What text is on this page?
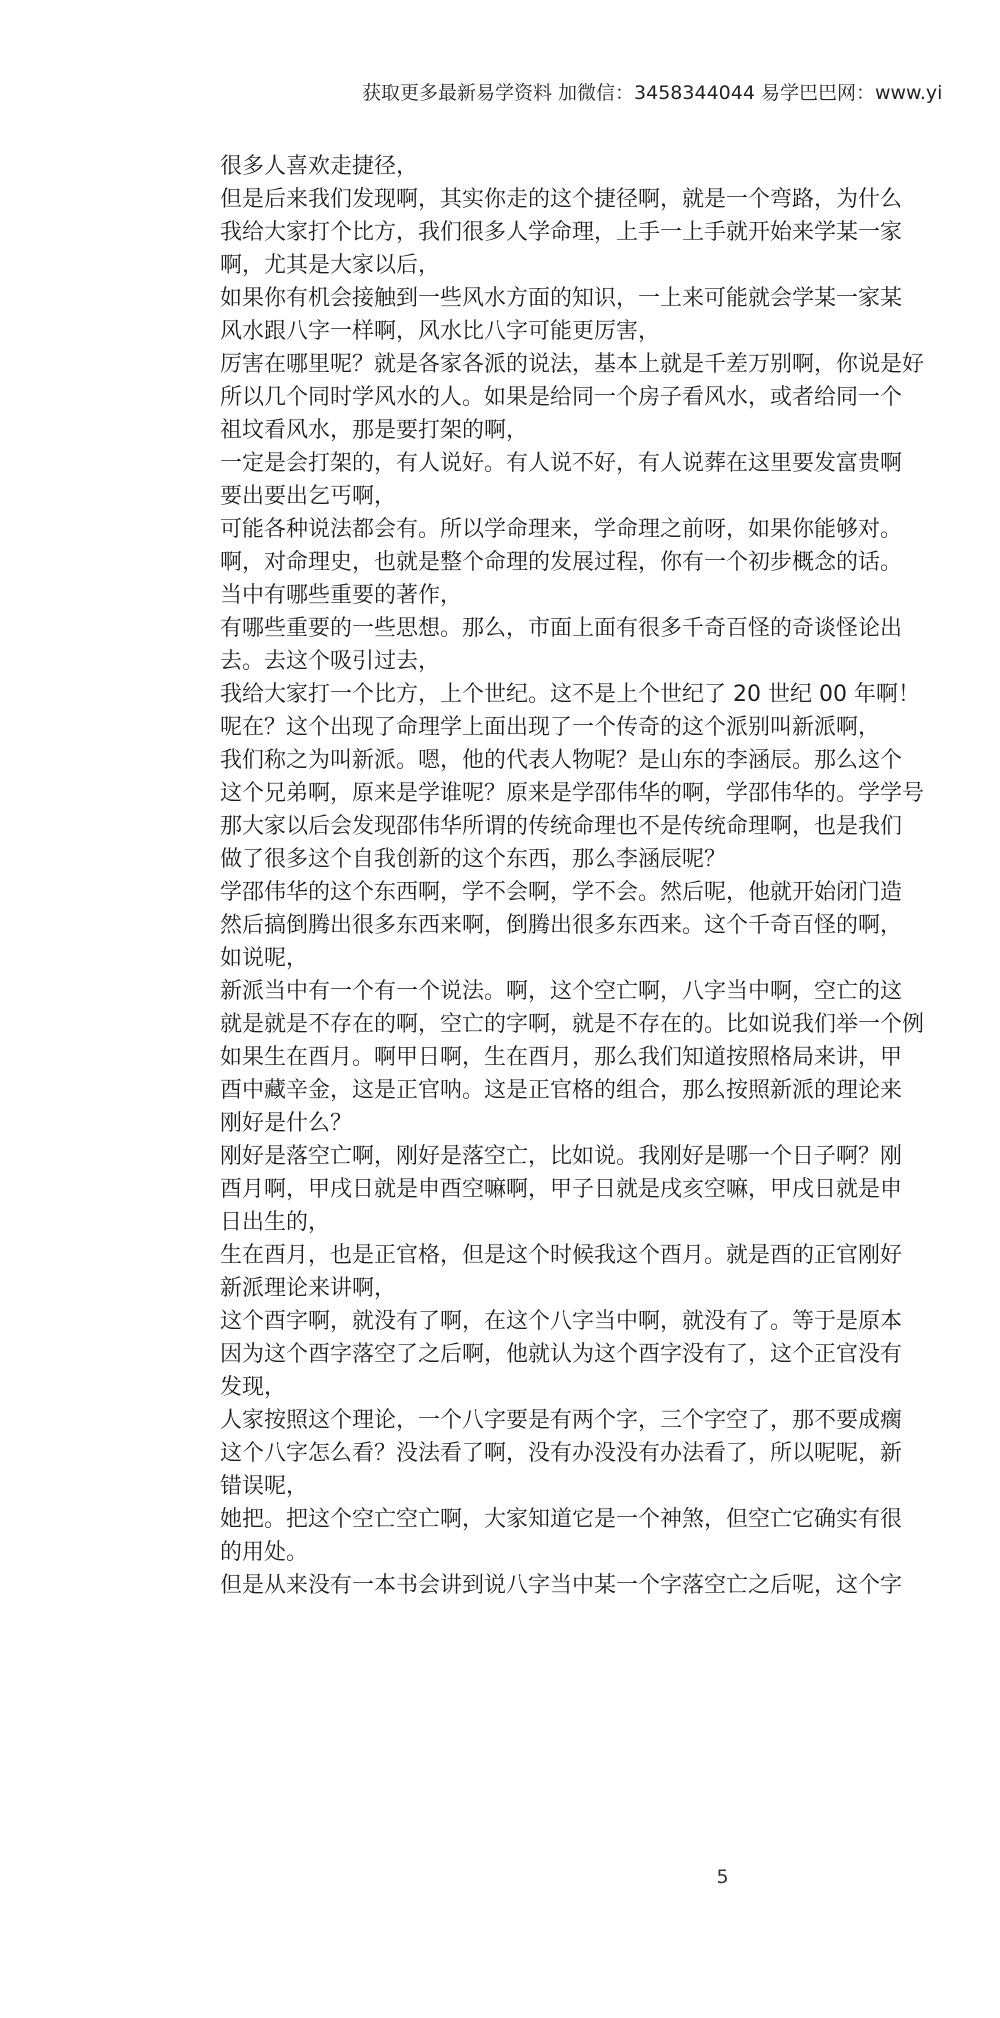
获取更多最新易学资料 加微信：3458344044 易学巴巴网：www.yi
很多人喜欢走捷径，
但是后来我们发现啊，其实你走的这个捷径啊，就是一个弯路，为什么
我给大家打个比方，我们很多人学命理，上手一上手就开始来学某一家
啊，尤其是大家以后，
如果你有机会接触到一些风水方面的知识，一上来可能就会学某一家某
风水跟八字一样啊，风水比八字可能更厉害，
厉害在哪里呢？就是各家各派的说法，基本上就是千差万别啊，你说是好
所以几个同时学风水的人。如果是给同一个房子看风水，或者给同一个
祖坟看风水，那是要打架的啊，
一定是会打架的，有人说好。有人说不好，有人说葬在这里要发富贵啊
要出要出乞丐啊，
可能各种说法都会有。所以学命理来，学命理之前呀，如果你能够对。
啊，对命理史，也就是整个命理的发展过程，你有一个初步概念的话。
当中有哪些重要的著作，
有哪些重要的一些思想。那么，市面上面有很多千奇百怪的奇谈怪论出
去。去这个吸引过去，
我给大家打一个比方，上个世纪。这不是上个世纪了 20 世纪 00 年啊！
呢在？这个出现了命理学上面出现了一个传奇的这个派别叫新派啊，
我们称之为叫新派。嗯，他的代表人物呢？是山东的李涵辰。那么这个
这个兄弟啊，原来是学谁呢？原来是学邵伟华的啊，学邵伟华的。学学号
那大家以后会发现邵伟华所谓的传统命理也不是传统命理啊，也是我们
做了很多这个自我创新的这个东西，那么李涵辰呢？
学邵伟华的这个东西啊，学不会啊，学不会。然后呢，他就开始闭门造
然后搞倒腾出很多东西来啊，倒腾出很多东西来。这个千奇百怪的啊，
如说呢，
新派当中有一个有一个说法。啊，这个空亡啊，八字当中啊，空亡的这
就是就是不存在的啊，空亡的字啊，就是不存在的。比如说我们举一个例
如果生在酉月。啊甲日啊，生在酉月，那么我们知道按照格局来讲，甲
酉中藏辛金，这是正官呐。这是正官格的组合，那么按照新派的理论来
刚好是什么？
刚好是落空亡啊，刚好是落空亡，比如说。我刚好是哪一个日子啊？刚
酉月啊，甲戌日就是申酉空嘛啊，甲子日就是戌亥空嘛，甲戌日就是申
日出生的，
生在酉月，也是正官格，但是这个时候我这个酉月。就是酉的正官刚好
新派理论来讲啊，
这个酉字啊，就没有了啊，在这个八字当中啊，就没有了。等于是原本
因为这个酉字落空了之后啊，他就认为这个酉字没有了，这个正官没有
发现，
人家按照这个理论，一个八字要是有两个字，三个字空了，那不要成瘸
这个八字怎么看？没法看了啊，没有办没没有办法看了，所以呢呢，新
错误呢，
她把。把这个空亡空亡啊，大家知道它是一个神煞，但空亡它确实有很
的用处。
但是从来没有一本书会讲到说八字当中某一个字落空亡之后呢，这个字
5
